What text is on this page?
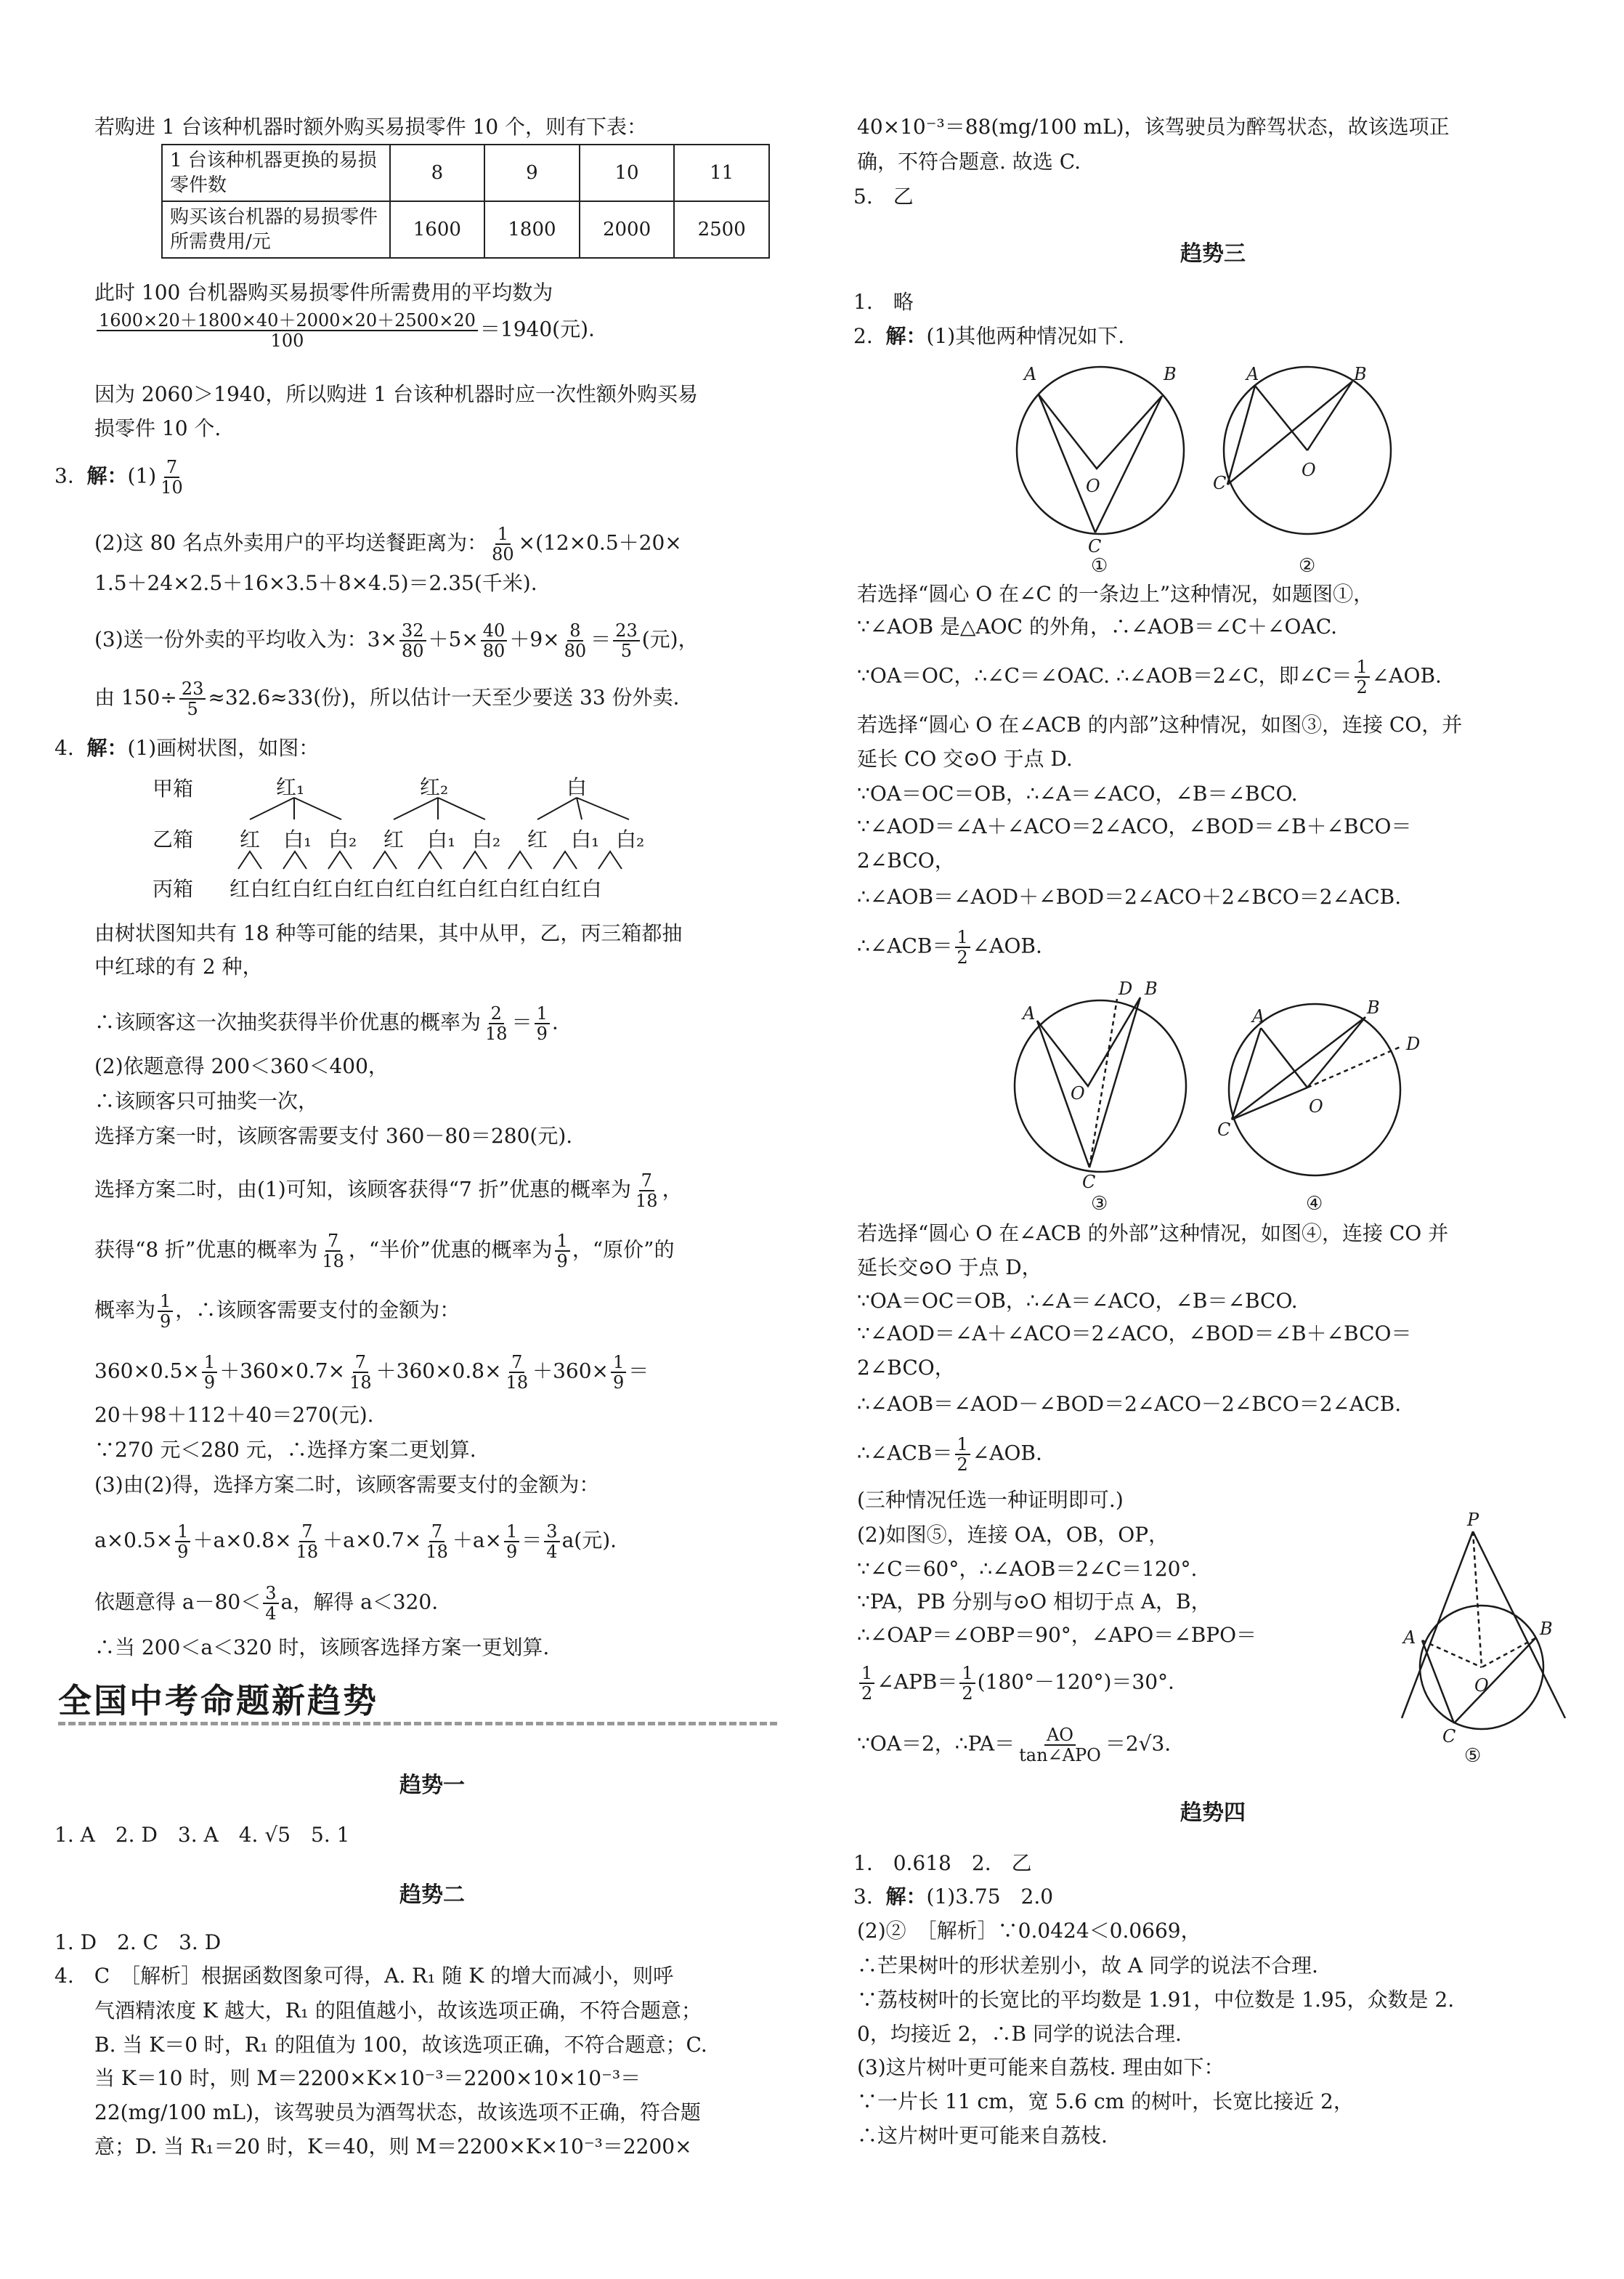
若购进 1 台该种机器时额外购买易损零件 10 个，则有下表：
1 台该种机器更换的易损零件数	8	9	10	11
购买该台机器的易损零件所需费用/元	1600	1800	2000	2500
此时 100 台机器购买易损零件所需费用的平均数为
$\frac{1600\times 20+1800\times 40+2000\times 20+2500\times 20}{100} =1940$(元).
因为 2060＞1940，所以购进 1 台该种机器时应一次性额外购买易
损零件 10 个.
3. 解：$(1) \frac{7}{10}$
(2)这 80 名点外卖用户的平均送餐距离为： $\frac{1}{80} \times(12\times 0.5+20\times$
1.5＋24×2.5＋16×3.5＋8×4.5)＝2.35(千米).
(3)送一份外卖的平均收入为：$3\times \frac{32}{80} +5\times \frac{40}{80} +9\times \frac{8}{80} = \frac{23}{5}$ (元)，
由 $150\div \frac{23}{5} \approx 32.6\approx 33$(份)，所以估计一天至少要送 33 份外卖.
4. 解：(1)画树状图，如图：
甲箱
乙箱
丙箱
红₁	红₂	白
红 白₁ 白₂ 红 白₁ 白₂ 红 白₁ 白₂
红白红白红白红白红白红白红白红白红白
由树状图知共有 18 种等可能的结果，其中从甲，乙，丙三箱都抽
中红球的有 2 种，
∴该顾客这一次抽奖获得半价优惠的概率为 $\frac{2}{18} = \frac{1}{9}$ .
(2)依题意得 200＜360＜400，
∴该顾客只可抽奖一次，
选择方案一时，该顾客需要支付 360－80＝280(元).
选择方案二时，由(1)可知，该顾客获得“7 折”优惠的概率为 $\frac{7}{18}$ ，
获得“8 折”优惠的概率为 $\frac{7}{18}$ ，“半价”优惠的概率为 $\frac{1}{9}$ ，“原价”的
概率为 $\frac{1}{9}$ ，∴该顾客需要支付的金额为：
$360\times 0.5\times \frac{1}{9} +360\times 0.7\times \frac{7}{18} +360\times 0.8\times \frac{7}{18} +360\times \frac{1}{9}$ ＝
20＋98＋112＋40＝270(元).
∵270 元＜280 元，∴选择方案二更划算.
(3)由(2)得，选择方案二时，该顾客需要支付的金额为：
$a\times 0.5\times \frac{1}{9} +a\times 0.8\times \frac{7}{18} +a\times 0.7\times \frac{7}{18} +a\times \frac{1}{9} = \frac{3}{4} a$(元).
依题意得 $a-80< \frac{3}{4}$ a，解得 a＜320.
∴当 200＜a＜320 时，该顾客选择方案一更划算.
全国中考命题新趋势
趋势一
1. A　2. D　3. A　4. √5　5. 1
趋势二
1. D　2. C　3. D
4.　C　［解析］根据函数图象可得，A. R₁ 随 K 的增大而减小，则呼
气酒精浓度 K 越大，R₁ 的阻值越小，故该选项正确，不符合题意；
B. 当 K＝0 时，R₁ 的阻值为 100，故该选项正确，不符合题意；C.
当 K＝10 时，则 M＝2200×K×10⁻³＝2200×10×10⁻³＝
22(mg/100 mL)，该驾驶员为酒驾状态，故该选项不正确，符合题
意；D. 当 R₁＝20 时，K＝40，则 M＝2200×K×10⁻³＝2200×
40×10⁻³＝88(mg/100 mL)，该驾驶员为醉驾状态，故该选项正
确，不符合题意. 故选 C.
5.　乙
趋势三
1.　略
2. 解：(1)其他两种情况如下.
A	B
O
C
①
A	B
C
O
②
若选择“圆心 O 在∠C 的一条边上”这种情况，如题图①，
∵∠AOB 是△AOC 的外角，∴∠AOB＝∠C＋∠OAC.
∵OA＝OC，∴∠C＝∠OAC. ∴∠AOB＝2∠C，即∠C＝ $\frac{1}{2}$ ∠AOB.
若选择“圆心 O 在∠ACB 的内部”这种情况，如图③，连接 CO，并
延长 CO 交⊙O 于点 D.
∵OA＝OC＝OB，∴∠A＝∠ACO，∠B＝∠BCO.
∵∠AOD＝∠A＋∠ACO＝2∠ACO，∠BOD＝∠B＋∠BCO＝
2∠BCO，
∴∠AOB＝∠AOD＋∠BOD＝2∠ACO＋2∠BCO＝2∠ACB.
∴∠ACB＝ $\frac{1}{2}$ ∠AOB.
A
D B
O
C
③
A	B
D
C
O
④
若选择“圆心 O 在∠ACB 的外部”这种情况，如图④，连接 CO 并
延长交⊙O 于点 D，
∵OA＝OC＝OB，∴∠A＝∠ACO，∠B＝∠BCO.
∵∠AOD＝∠A＋∠ACO＝2∠ACO，∠BOD＝∠B＋∠BCO＝
2∠BCO，
∴∠AOB＝∠AOD－∠BOD＝2∠ACO－2∠BCO＝2∠ACB.
∴∠ACB＝ $\frac{1}{2}$ ∠AOB.
(三种情况任选一种证明即可.)
(2)如图⑤，连接 OA，OB，OP，
∵∠C＝60°，∴∠AOB＝2∠C＝120°.
∵PA，PB 分别与⊙O 相切于点 A，B，
∴∠OAP＝∠OBP＝90°，∠APO＝∠BPO＝
$\frac{1}{2}$ ∠APB＝ $\frac{1}{2} (180^\circ-120^\circ)=30^\circ$.
∵OA＝2，∴PA＝ $\frac{AO}{\text{tan∠APO}} =2√3$.
P
A	B
O
C
⑤
趋势四
1.　0.618　2.　乙
3. 解：(1)3.75　2.0
(2)②　［解析］∵0.0424＜0.0669，
∴芒果树叶的形状差别小，故 A 同学的说法不合理.
∵荔枝树叶的长宽比的平均数是 1.91，中位数是 1.95，众数是 2.
0，均接近 2，∴B 同学的说法合理.
(3)这片树叶更可能来自荔枝. 理由如下：
∵一片长 11 cm，宽 5.6 cm 的树叶，长宽比接近 2，
∴这片树叶更可能来自荔枝.
